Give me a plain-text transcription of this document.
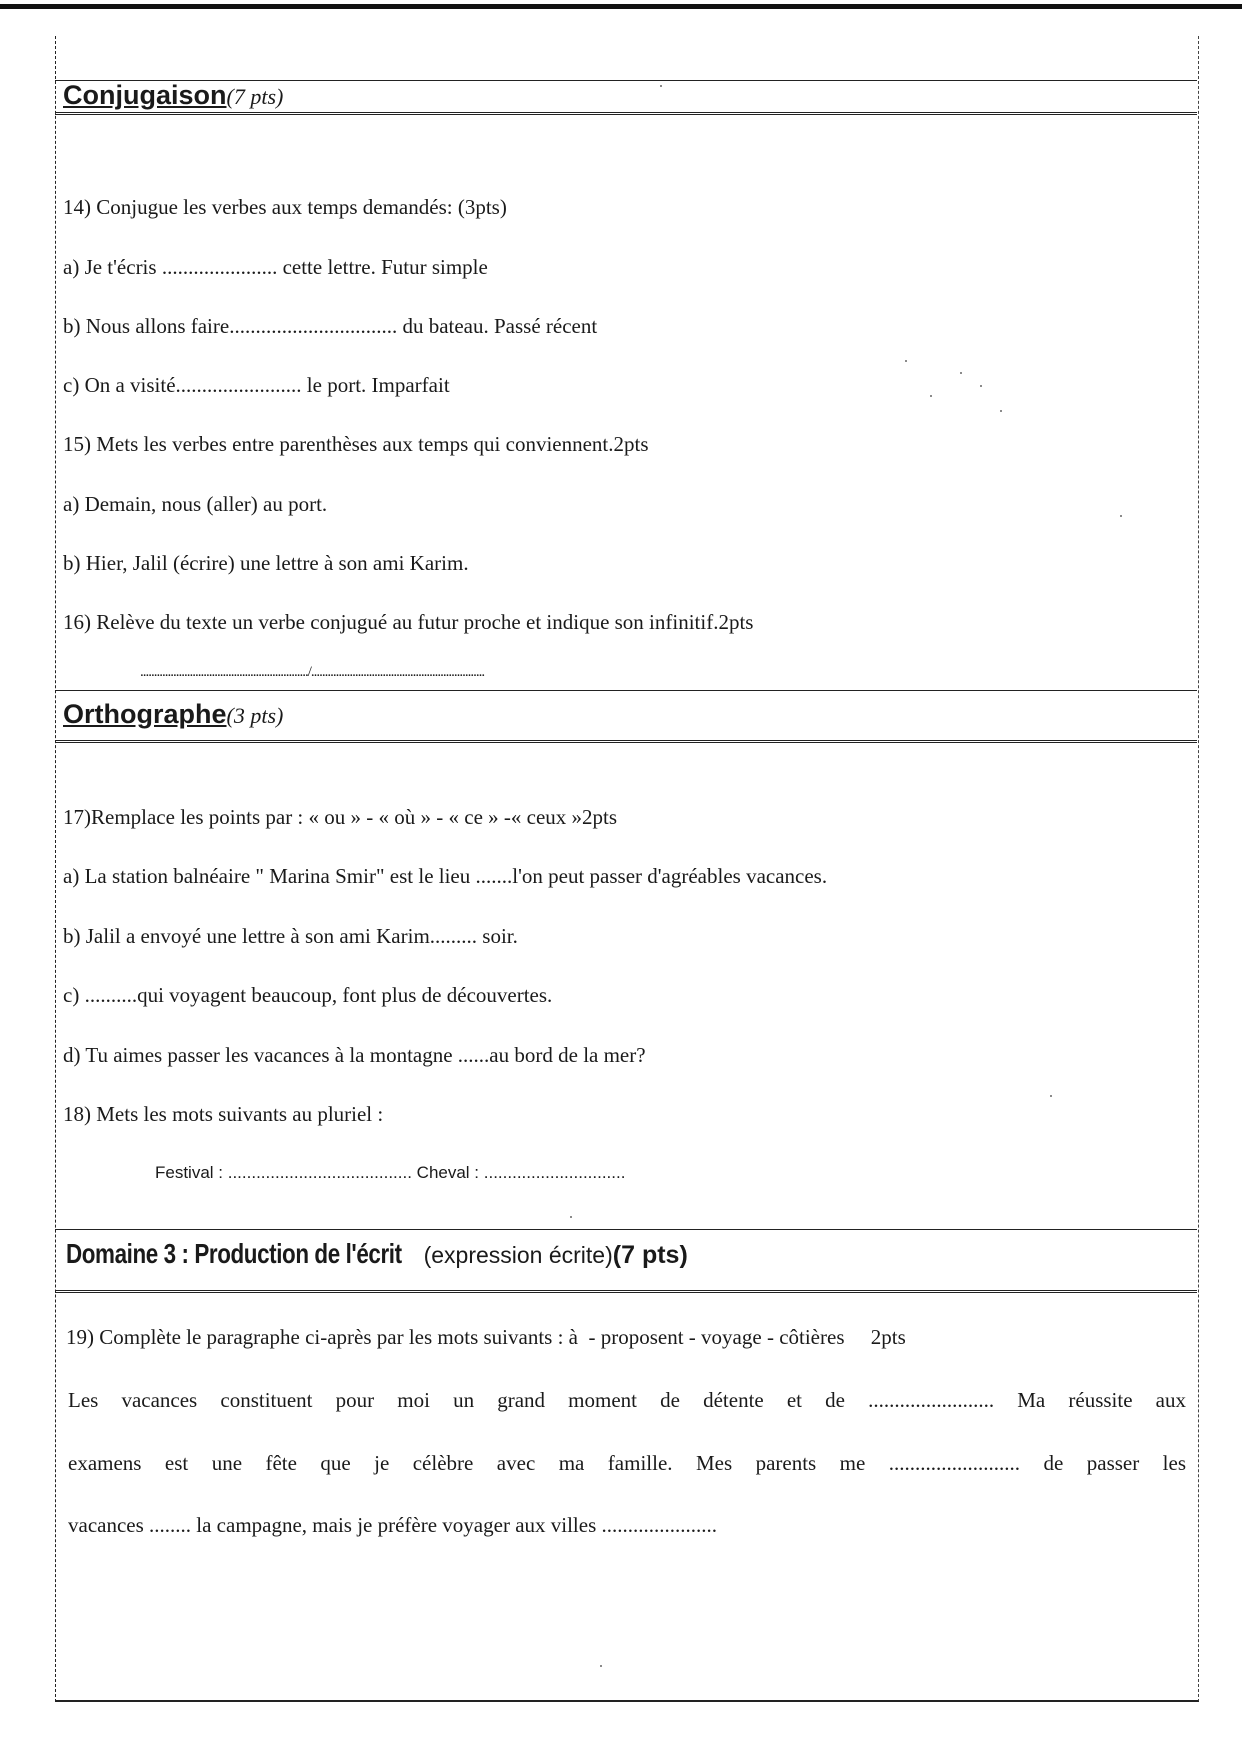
Conjugaison(7 pts)
14) Conjugue les verbes aux temps demandés: (3pts)
a) Je t'écris ...................... cette lettre. Futur simple
b) Nous allons faire................................ du bateau. Passé récent
c) On a visité........................ le port. Imparfait
15) Mets les verbes entre parenthèses aux temps qui conviennent.2pts
a) Demain, nous (aller) au port.
b) Hier, Jalil (écrire) une lettre à son ami Karim.
16) Relève du texte un verbe conjugué au futur proche et indique son infinitif.2pts
............................................................./...............................................................
Orthographe(3 pts)
17)Remplace les points par : « ou » - « où » - « ce » -« ceux »2pts
a) La station balnéaire " Marina Smir" est le lieu .......l'on peut passer d'agréables vacances.
b) Jalil a envoyé une lettre à son ami Karim......... soir.
c) ..........qui voyagent beaucoup, font plus de découvertes.
d) Tu aimes passer les vacances à la montagne ......au bord de la mer?
18) Mets les mots suivants au pluriel :
Festival : ....................................... Cheval : ..............................
Domaine 3 : Production de l'écrit (expression écrite)(7 pts)
19) Complète le paragraphe ci-après par les mots suivants : à  - proposent - voyage - côtières     2pts
Les vacances constituent pour moi un grand moment de détente et de ........................ Ma réussite aux
examens est une fête que je célèbre avec ma famille. Mes parents me ......................... de passer les
vacances ........ la campagne, mais je préfère voyager aux villes ......................
